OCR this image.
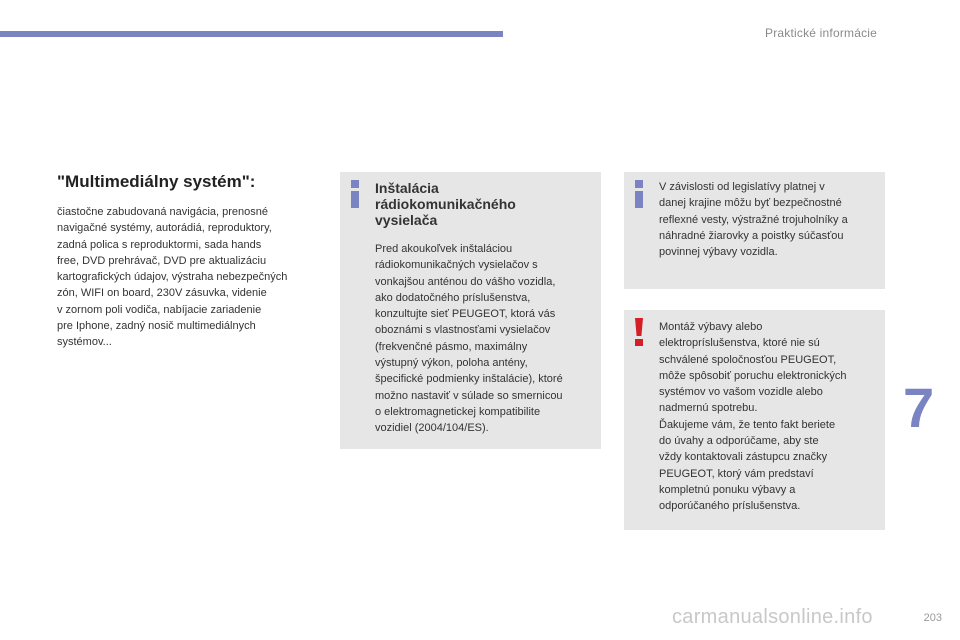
Praktické informácie
"Multimediálny systém":

čiastočne zabudovaná navigácia, prenosné
navigačné systémy, autorádiá, reproduktory,
zadná polica s reproduktormi, sada hands
free, DVD prehrávač, DVD pre aktualizáciu
kartografických údajov, výstraha nebezpečných
zón, WIFI on board, 230V zásuvka, videnie
v zornom poli vodiča, nabíjacie zariadenie
pre Iphone, zadný nosič multimediálnych
systémov...

Inštalácia
rádiokomunikačného
vysielača

Pred akoukoľvek inštaláciou
rádiokomunikačných vysielačov s
vonkajšou anténou do vášho vozidla,
ako dodatočného príslušenstva,
konzultujte sieť PEUGEOT, ktorá vás
oboznámi s vlastnosťami vysielačov
(frekvenčné pásmo, maximálny
výstupný výkon, poloha antény,
špecifické podmienky inštalácie), ktoré
možno nastaviť v súlade so smernicou
o elektromagnetickej kompatibilite
vozidiel (2004/104/ES).

V závislosti od legislatívy platnej v
danej krajine môžu byť bezpečnostné
reflexné vesty, výstražné trojuholníky a
náhradné žiarovky a poistky súčasťou
povinnej výbavy vozidla.

Montáž výbavy alebo
elektropríslušenstva, ktoré nie sú
schválené spoločnosťou PEUGEOT,
môže spôsobiť poruchu elektronických
systémov vo vašom vozidle alebo
nadmernú spotrebu.
Ďakujeme vám, že tento fakt beriete
do úvahy a odporúčame, aby ste
vždy kontaktovali zástupcu značky
PEUGEOT, ktorý vám predstaví
kompletnú ponuku výbavy a
odporúčaného príslušenstva.

7
carmanualsonline.info	203
